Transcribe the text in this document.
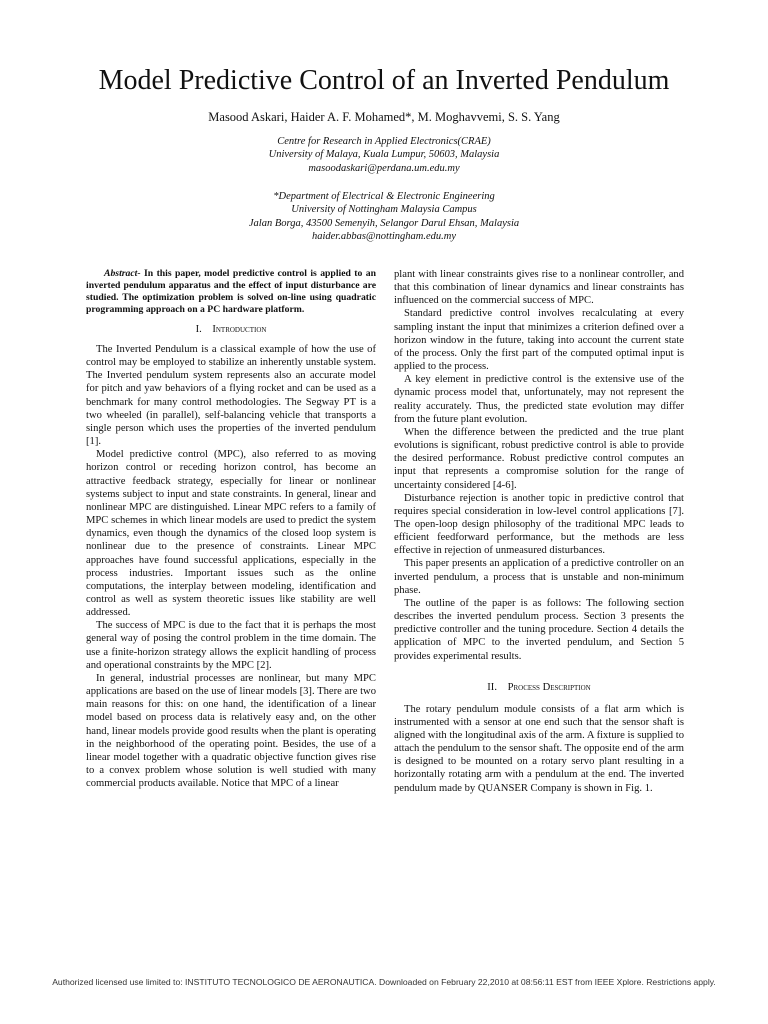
Model Predictive Control of an Inverted Pendulum
Masood Askari, Haider A. F. Mohamed*, M. Moghavvemi, S. S. Yang
Centre for Research in Applied Electronics(CRAE)
University of Malaya, Kuala Lumpur, 50603, Malaysia
masoodaskari@perdana.um.edu.my
*Department of Electrical & Electronic Engineering
University of Nottingham Malaysia Campus
Jalan Borga, 43500 Semenyih, Selangor Darul Ehsan, Malaysia
haider.abbas@nottingham.edu.my

Abstract- In this paper, model predictive control is applied to an inverted pendulum apparatus and the effect of input disturbance are studied. The optimization problem is solved on-line using quadratic programming approach on a PC hardware platform.

I. Introduction

The Inverted Pendulum is a classical example of how the use of control may be employed to stabilize an inherently unstable system. The Inverted pendulum system represents also an accurate model for pitch and yaw behaviors of a flying rocket and can be used as a benchmark for many control methodologies. The Segway PT is a two wheeled (in parallel), self-balancing vehicle that transports a single person which uses the properties of the inverted pendulum [1].

Model predictive control (MPC), also referred to as moving horizon control or receding horizon control, has become an attractive feedback strategy, especially for linear or nonlinear systems subject to input and state constraints. In general, linear and nonlinear MPC are distinguished. Linear MPC refers to a family of MPC schemes in which linear models are used to predict the system dynamics, even though the dynamics of the closed loop system is nonlinear due to the presence of constraints. Linear MPC approaches have found successful applications, especially in the process industries. Important issues such as the online computations, the interplay between modeling, identification and control as well as system theoretic issues like stability are well addressed.

The success of MPC is due to the fact that it is perhaps the most general way of posing the control problem in the time domain. The use a finite-horizon strategy allows the explicit handling of process and operational constraints by the MPC [2].

In general, industrial processes are nonlinear, but many MPC applications are based on the use of linear models [3]. There are two main reasons for this: on one hand, the identification of a linear model based on process data is relatively easy and, on the other hand, linear models provide good results when the plant is operating in the neighborhood of the operating point. Besides, the use of a linear model together with a quadratic objective function gives rise to a convex problem whose solution is well studied with many commercial products available. Notice that MPC of a linear

plant with linear constraints gives rise to a nonlinear controller, and that this combination of linear dynamics and linear constraints has influenced on the commercial success of MPC.

Standard predictive control involves recalculating at every sampling instant the input that minimizes a criterion defined over a horizon window in the future, taking into account the current state of the process. Only the first part of the computed optimal input is applied to the process.

A key element in predictive control is the extensive use of the dynamic process model that, unfortunately, may not represent the reality accurately. Thus, the predicted state evolution may differ from the future plant evolution.

When the difference between the predicted and the true plant evolutions is significant, robust predictive control is able to provide the desired performance. Robust predictive control computes an input that represents a compromise solution for the range of uncertainty considered [4-6].

Disturbance rejection is another topic in predictive control that requires special consideration in low-level control applications [7]. The open-loop design philosophy of the traditional MPC leads to efficient feedforward performance, but the methods are less effective in rejection of unmeasured disturbances.

This paper presents an application of a predictive controller on an inverted pendulum, a process that is unstable and non-minimum phase.

The outline of the paper is as follows: The following section describes the inverted pendulum process. Section 3 presents the predictive controller and the tuning procedure. Section 4 details the application of MPC to the inverted pendulum, and Section 5 provides experimental results.

II. Process Description

The rotary pendulum module consists of a flat arm which is instrumented with a sensor at one end such that the sensor shaft is aligned with the longitudinal axis of the arm. A fixture is supplied to attach the pendulum to the sensor shaft. The opposite end of the arm is designed to be mounted on a rotary servo plant resulting in a horizontally rotating arm with a pendulum at the end. The inverted pendulum made by QUANSER Company is shown in Fig. 1.

Authorized licensed use limited to: INSTITUTO TECNOLOGICO DE AERONAUTICA. Downloaded on February 22,2010 at 08:56:11 EST from IEEE Xplore. Restrictions apply.
